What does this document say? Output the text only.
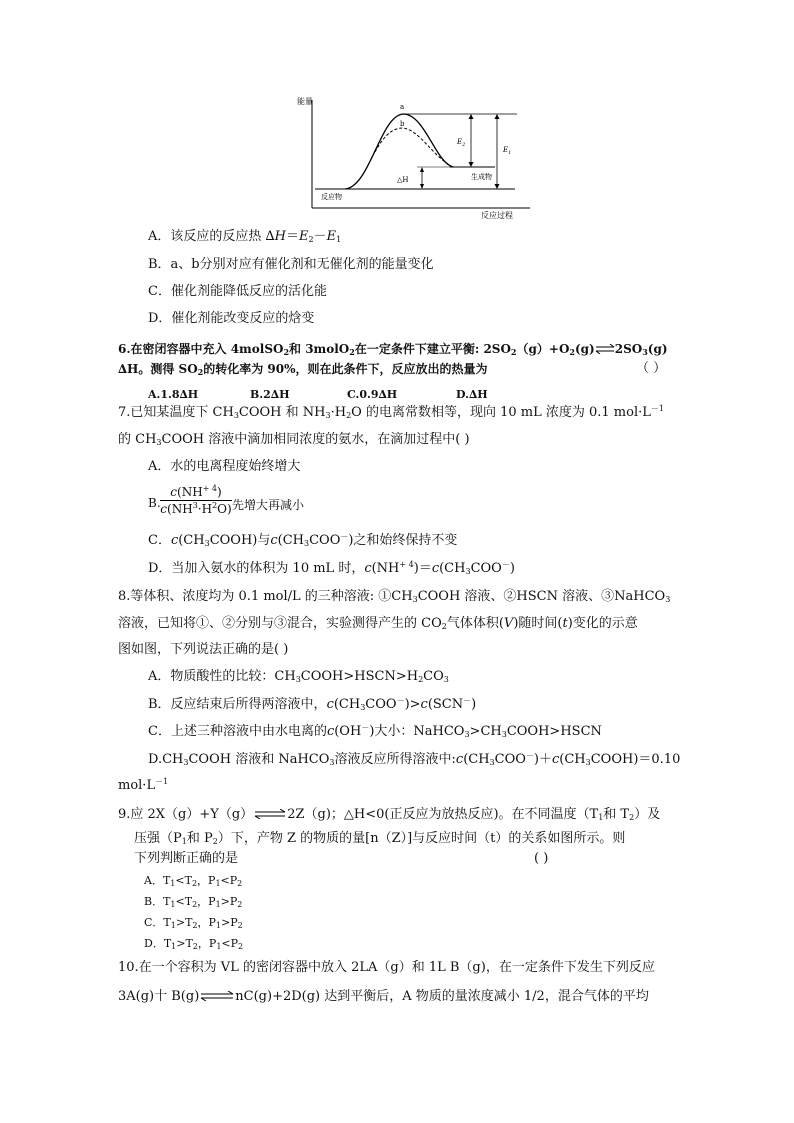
能量
a
b
$E_2$
$E_1$
△H	生成物
反应物
反应过程
A．该反应的反应热 $\Delta H=E_2-E_1$
B．a、b分别对应有催化剂和无催化剂的能量变化
C．催化剂能降低反应的活化能
D．催化剂能改变反应的焓变
6.在密闭容器中充入 4molSO$_2$和 3molO$_2$在一定条件下建立平衡: $2SO_2(g)+O_2(g)\rightleftharpoons 2SO_3(g)$
∆H。测得 $SO_2$的转化率为 90%，则在此条件下，反应放出的热量为	（ ）
A.1.8∆H	B.2∆H	C.0.9∆H	D.∆H
7.已知某温度下 $CH_3COOH$ 和 $NH_3\cdot H_2O$ 的电离常数相等，现向 10 mL 浓度为 0.1 $mol\cdot L^{-1}$
的 $CH_3COOH$ 溶液中滴加相同浓度的氨水，在滴加过程中( )
A．水的电离程度始终增大
B.
$c(NH^{+ 4})$
$c(NH^3\cdot H^2O)$ 先增大再减小
C．$c(CH_3COOH)$与$c(CH_3COO^-)$之和始终保持不变
D．当加入氨水的体积为 10 mL 时，$c(NH^{+ 4})=c(CH_3COO^-)$
8.等体积、浓度均为 0.1 mol/L 的三种溶液: $①CH_3COOH$ 溶液、②HSCN 溶液、③NaHCO$_3$
溶液，已知将①、②分别与③混合，实验测得产生的 $CO_2$气体体积(V)随时间(t)变化的示意
图如图，下列说法正确的是( )
A．物质酸性的比较：$CH_3COOH>HSCN>H_2CO_3$
B．反应结束后所得两溶液中，$c(CH_3COO^-)>c(SCN^-)$
C．上述三种溶液中由水电离的c(OH－)大小：$NaHCO_3>CH_3COOH>HSCN$
$D.CH_3COOH$ 溶液和 NaHCO$_3$溶液反应所得溶液中$:c(CH_3COO^-)+c(CH_3COOH)=0.10$
$mol\cdot L^{-1}$
9.应 2X（g）+Y（g）⇌2Z（g)；△H<0(正反应为放热反应)。在不同温度（$T_1$和 $T_2$）及
压强（$P_1$和 $P_2$）下，产物 Z 的物质的量[n（Z）]与反应时间（t）的关系如图所示。则
下列判断正确的是	( )
A．$T_1<T_2$，$P_1<P_2$
B．$T_1<T_2$，$P_1>P_2$
C．$T_1>T_2$，$P_1>P_2$
D．$T_1>T_2$，$P_1<P_2$
10.在一个容积为 VL 的密闭容器中放入 2LA（g）和 1L B（g)，在一定条件下发生下列反应
3A(g)十 B(g)⇌nC(g)+2D(g) 达到平衡后，A 物质的量浓度减小 1/2，混合气体的平均
